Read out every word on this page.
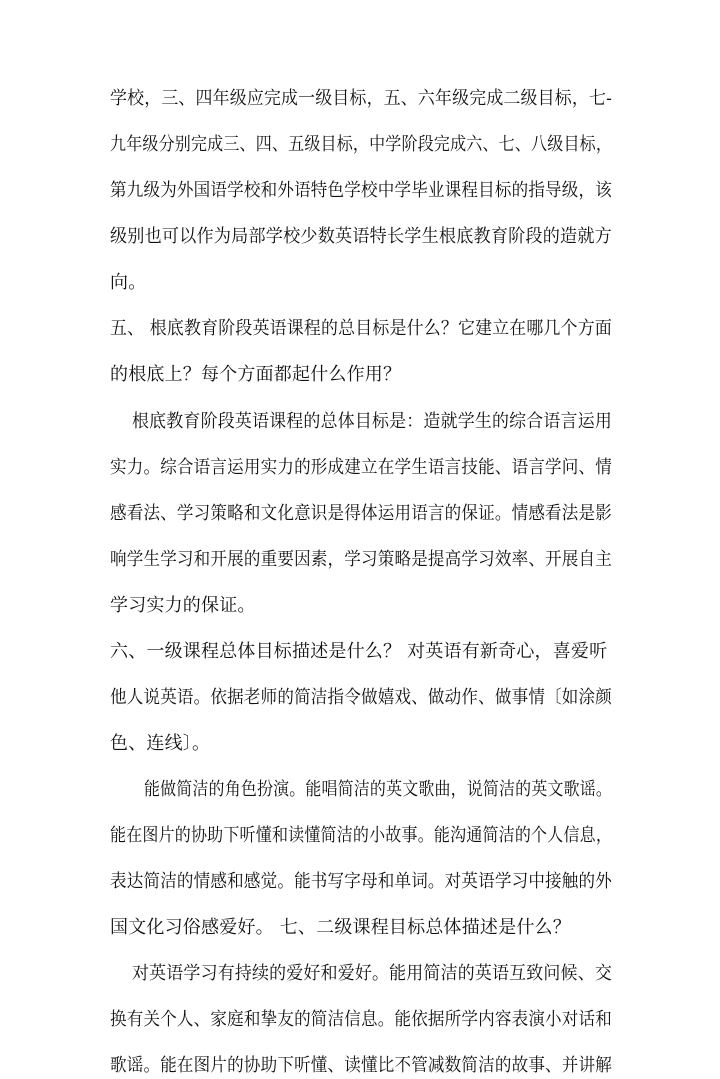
学校，三、四年级应完成一级目标，五、六年级完成二级目标，七-
九年级分别完成三、四、五级目标，中学阶段完成六、七、八级目标，
第九级为外国语学校和外语特色学校中学毕业课程目标的指导级，该
级别也可以作为局部学校少数英语特长学生根底教育阶段的造就方
向。
五、 根底教育阶段英语课程的总目标是什么？它建立在哪几个方面
的根底上？每个方面都起什么作用？
根底教育阶段英语课程的总体目标是：造就学生的综合语言运用
实力。综合语言运用实力的形成建立在学生语言技能、语言学问、情
感看法、学习策略和文化意识是得体运用语言的保证。情感看法是影
响学生学习和开展的重要因素，学习策略是提高学习效率、开展自主
学习实力的保证。
六、一级课程总体目标描述是什么？ 对英语有新奇心，喜爱听
他人说英语。依据老师的简洁指令做嬉戏、做动作、做事情〔如涂颜
色、连线〕。
能做简洁的角色扮演。能唱简洁的英文歌曲，说简洁的英文歌谣。
能在图片的协助下听懂和读懂简洁的小故事。能沟通简洁的个人信息，
表达简洁的情感和感觉。能书写字母和单词。对英语学习中接触的外
国文化习俗感爱好。 七、二级课程目标总体描述是什么？
对英语学习有持续的爱好和爱好。能用简洁的英语互致问候、交
换有关个人、家庭和挚友的简洁信息。能依据所学内容表演小对话和
歌谣。能在图片的协助下听懂、读懂比不管减数简洁的故事、并讲解
